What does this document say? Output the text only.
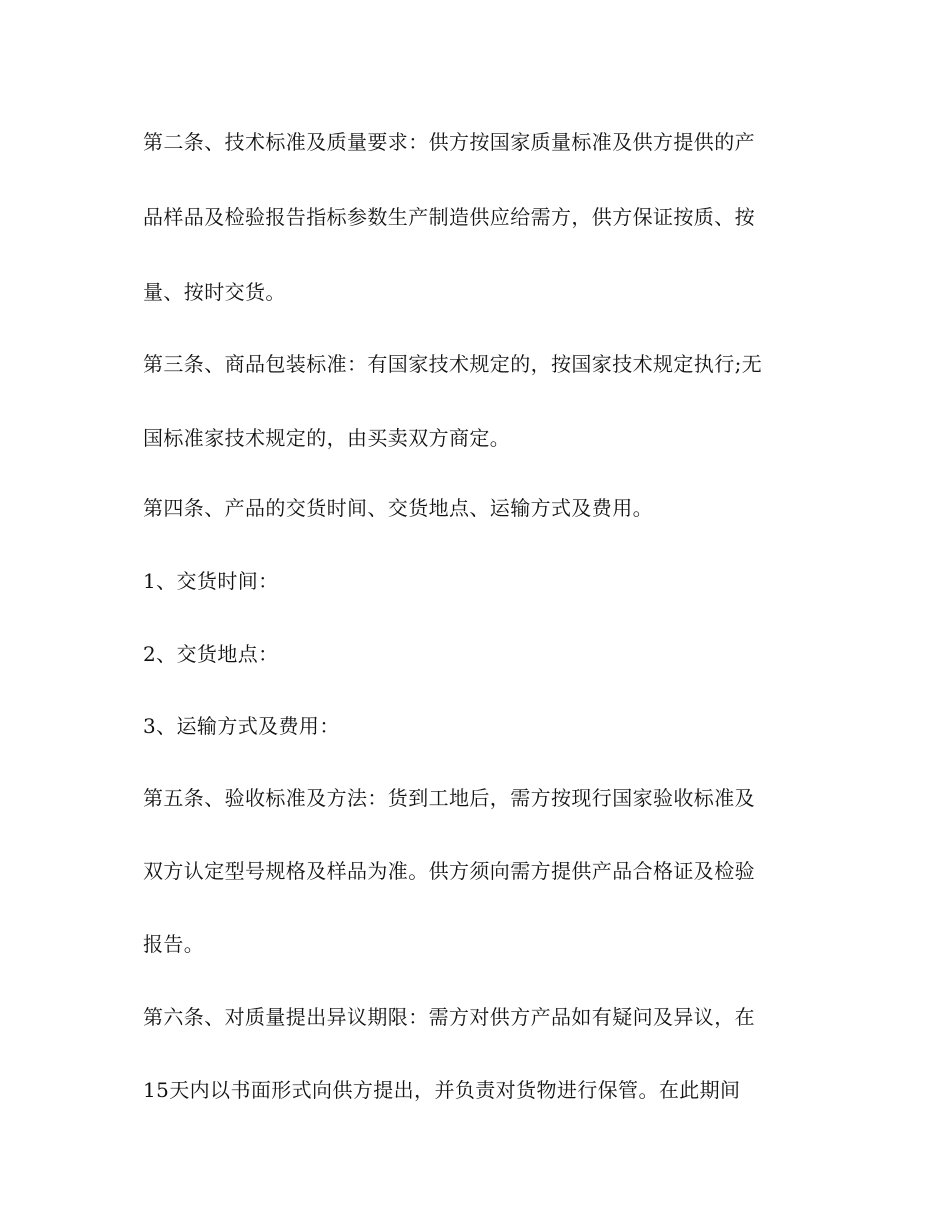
第二条、技术标准及质量要求：供方按国家质量标准及供方提供的产
品样品及检验报告指标参数生产制造供应给需方，供方保证按质、按
量、按时交货。
第三条、商品包装标准：有国家技术规定的，按国家技术规定执行;无
国标准家技术规定的，由买卖双方商定。
第四条、产品的交货时间、交货地点、运输方式及费用。
1、交货时间：
2、交货地点：
3、运输方式及费用：
第五条、验收标准及方法：货到工地后，需方按现行国家验收标准及
双方认定型号规格及样品为准。供方须向需方提供产品合格证及检验
报告。
第六条、对质量提出异议期限：需方对供方产品如有疑问及异议，在
15天内以书面形式向供方提出，并负责对货物进行保管。在此期间
